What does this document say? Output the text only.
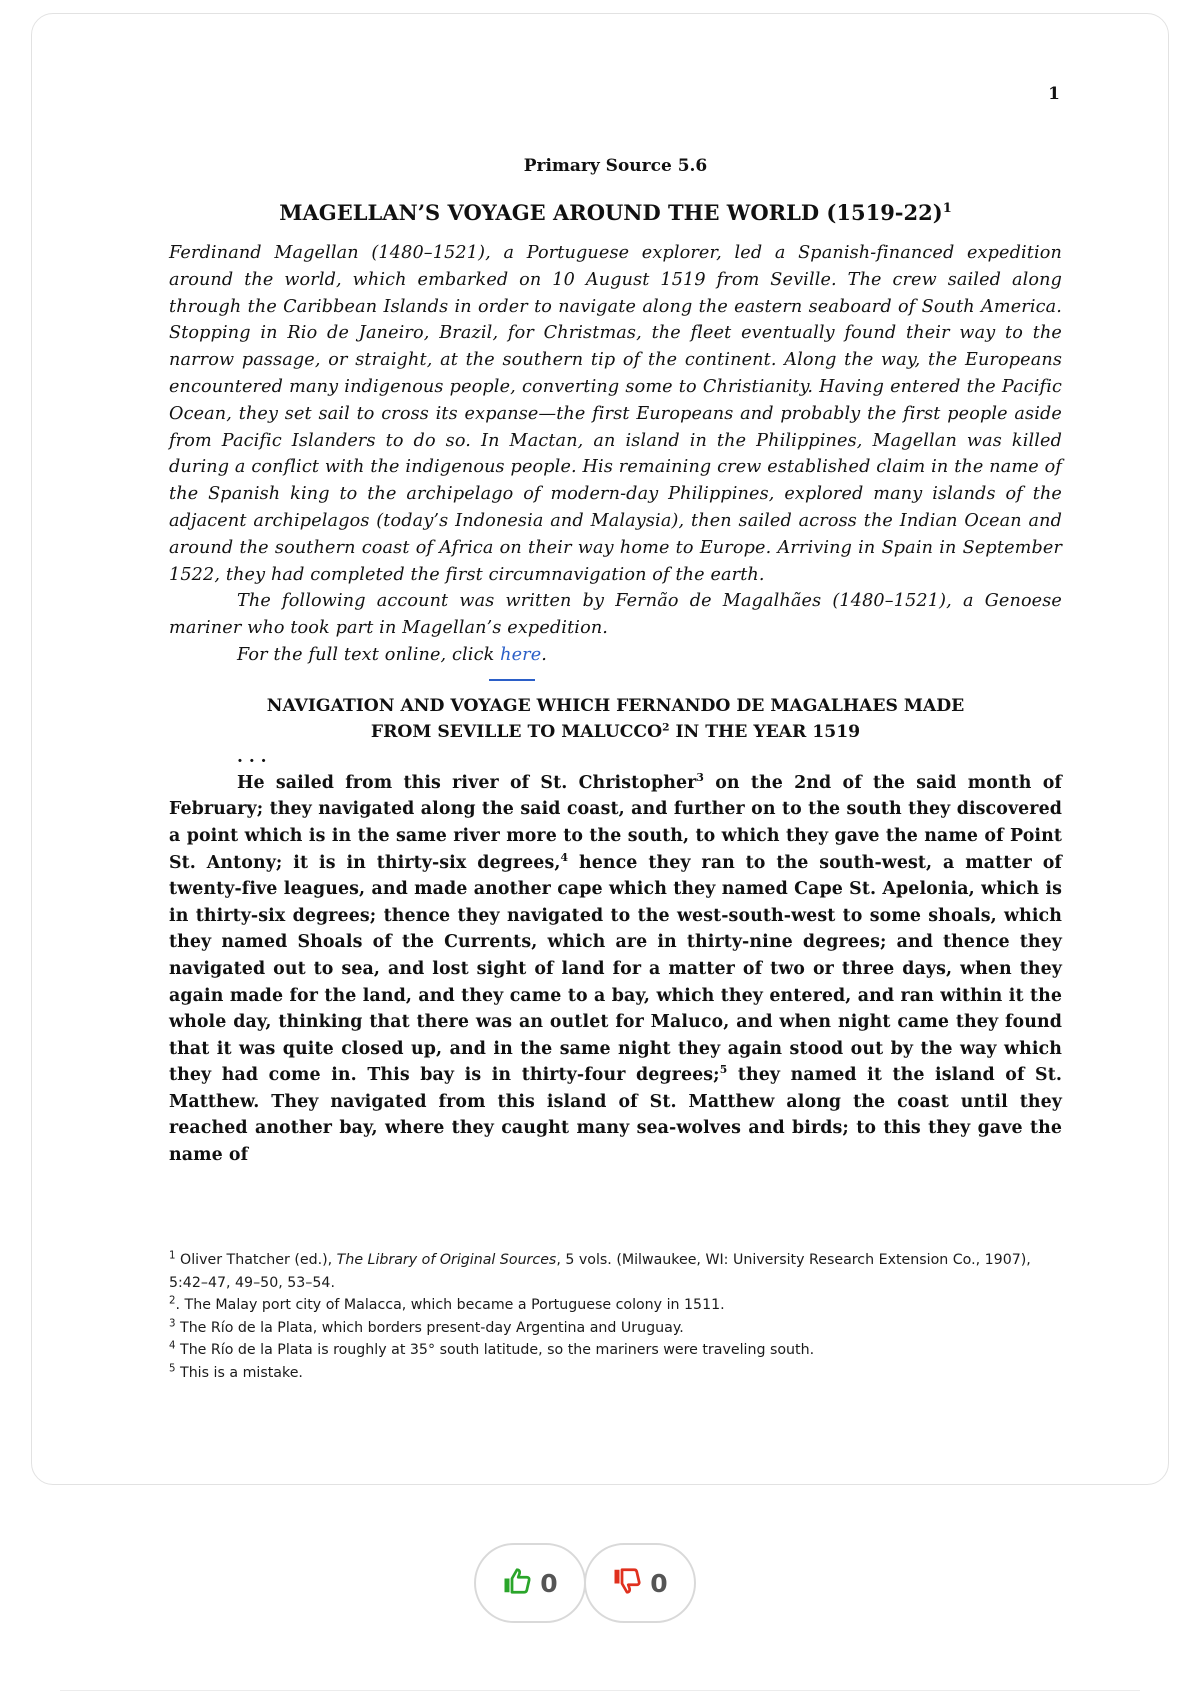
1

Primary Source 5.6

MAGELLAN’S VOYAGE AROUND THE WORLD (1519-22)$^1$

Ferdinand Magellan (1480–1521), a Portuguese explorer, led a Spanish-financed expedition around the world, which embarked on 10 August 1519 from Seville. The crew sailed along through the Caribbean Islands in order to navigate along the eastern seaboard of South America. Stopping in Rio de Janeiro, Brazil, for Christmas, the fleet eventually found their way to the narrow passage, or straight, at the southern tip of the continent. Along the way, the Europeans encountered many indigenous people, converting some to Christianity. Having entered the Pacific Ocean, they set sail to cross its expanse—the first Europeans and probably the first people aside from Pacific Islanders to do so. In Mactan, an island in the Philippines, Magellan was killed during a conflict with the indigenous people. His remaining crew established claim in the name of the Spanish king to the archipelago of modern-day Philippines, explored many islands of the adjacent archipelagos (today’s Indonesia and Malaysia), then sailed across the Indian Ocean and around the southern coast of Africa on their way home to Europe. Arriving in Spain in September 1522, they had completed the first circumnavigation of the earth.

The following account was written by Fernão de Magalhães (1480–1521), a Genoese mariner who took part in Magellan’s expedition.

For the full text online, click here.

NAVIGATION AND VOYAGE WHICH FERNANDO DE MAGALHAES MADE
FROM SEVILLE TO MALUCCO$^2$ IN THE YEAR 1519

. . .

He sailed from this river of St. Christopher$^3$ on the 2nd of the said month of February; they navigated along the said coast, and further on to the south they discovered a point which is in the same river more to the south, to which they gave the name of Point St. Antony; it is in thirty-six degrees,$^4$ hence they ran to the south-west, a matter of twenty-five leagues, and made another cape which they named Cape St. Apelonia, which is in thirty-six degrees; thence they navigated to the west-south-west to some shoals, which they named Shoals of the Currents, which are in thirty-nine degrees; and thence they navigated out to sea, and lost sight of land for a matter of two or three days, when they again made for the land, and they came to a bay, which they entered, and ran within it the whole day, thinking that there was an outlet for Maluco, and when night came they found that it was quite closed up, and in the same night they again stood out by the way which they had come in. This bay is in thirty-four degrees;$^5$ they named it the island of St. Matthew. They navigated from this island of St. Matthew along the coast until they reached another bay, where they caught many sea-wolves and birds; to this they gave the name of

$^1$ Oliver Thatcher (ed.), The Library of Original Sources, 5 vols. (Milwaukee, WI: University Research Extension Co., 1907), 5:42–47, 49–50, 53–54.

$^2$. The Malay port city of Malacca, which became a Portuguese colony in 1511.

$^3$ The Río de la Plata, which borders present-day Argentina and Uruguay.

$^4$ The Río de la Plata is roughly at 35° south latitude, so the mariners were traveling south.

$^5$ This is a mistake.

0	0
